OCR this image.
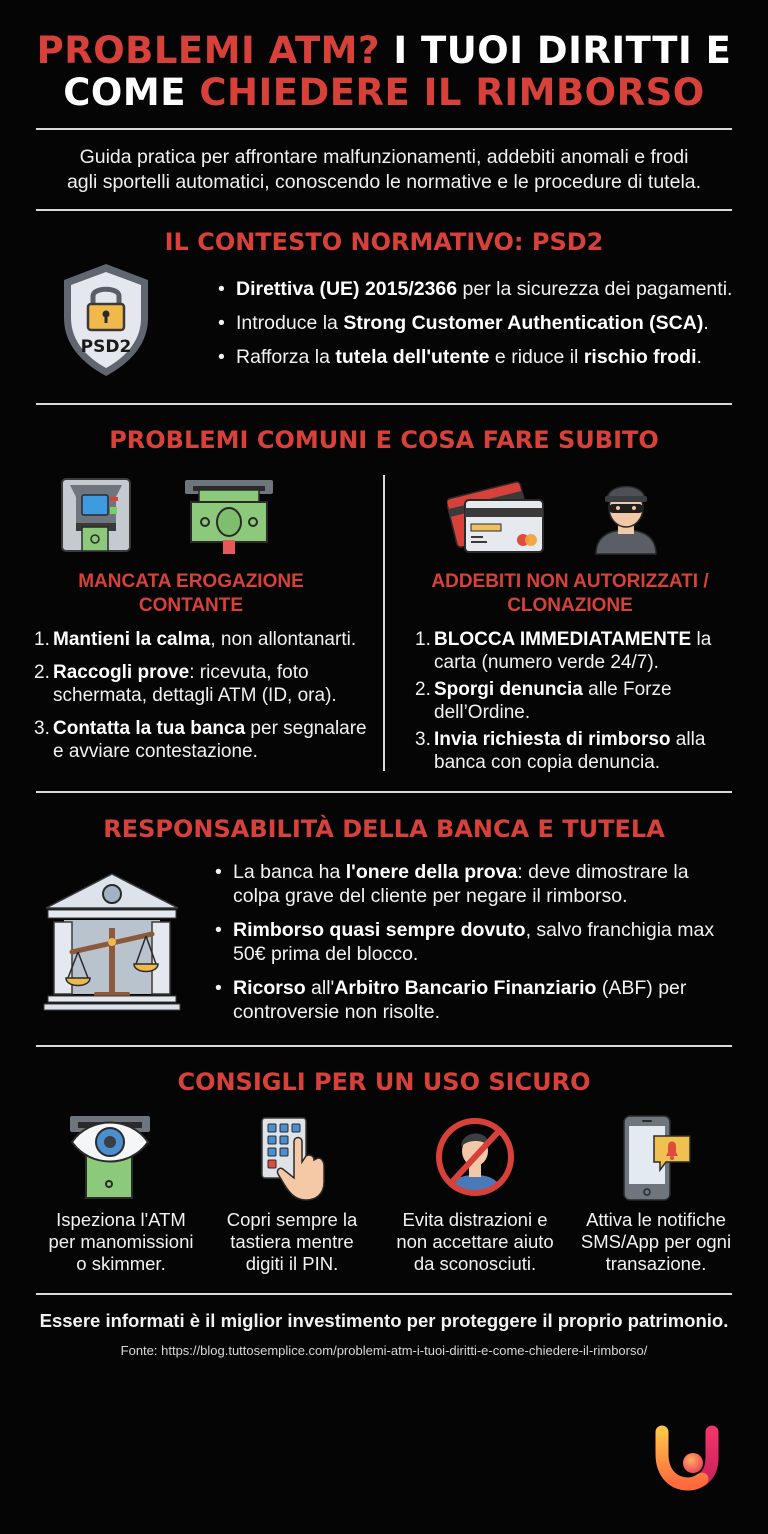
PROBLEMI ATM? I TUOI DIRITTI E
COME CHIEDERE IL RIMBORSO
Guida pratica per affrontare malfunzionamenti, addebiti anomali e frodi
agli sportelli automatici, conoscendo le normative e le procedure di tutela.
IL CONTESTO NORMATIVO: PSD2
PSD2
• Direttiva (UE) 2015/2366 per la sicurezza dei pagamenti.
• Introduce la Strong Customer Authentication (SCA).
• Rafforza la tutela dell'utente e riduce il rischio frodi.
PROBLEMI COMUNI E COSA FARE SUBITO
MANCATA EROGAZIONE
CONTANTE
1. Mantieni la calma, non allontanarti.
2. Raccogli prove: ricevuta, foto schermata, dettagli ATM (ID, ora).
3. Contatta la tua banca per segnalare e avviare contestazione.
ADDEBITI NON AUTORIZZATI /
CLONAZIONE
1. BLOCCA IMMEDIATAMENTE la carta (numero verde 24/7).
2. Sporgi denuncia alle Forze dell’Ordine.
3. Invia richiesta di rimborso alla banca con copia denuncia.
RESPONSABILITÀ DELLA BANCA E TUTELA
• La banca ha l'onere della prova: deve dimostrare la colpa grave del cliente per negare il rimborso.
• Rimborso quasi sempre dovuto, salvo franchigia max 50€ prima del blocco.
• Ricorso all'Arbitro Bancario Finanziario (ABF) per controversie non risolte.
CONSIGLI PER UN USO SICURO
Ispeziona l'ATM
per manomissioni
o skimmer.
Copri sempre la
tastiera mentre
digiti il PIN.
Evita distrazioni e
non accettare aiuto
da sconosciuti.
Attiva le notifiche
SMS/App per ogni
transazione.
Essere informati è il miglior investimento per proteggere il proprio patrimonio.
Fonte: https://blog.tuttosemplice.com/problemi-atm-i-tuoi-diritti-e-come-chiedere-il-rimborso/
